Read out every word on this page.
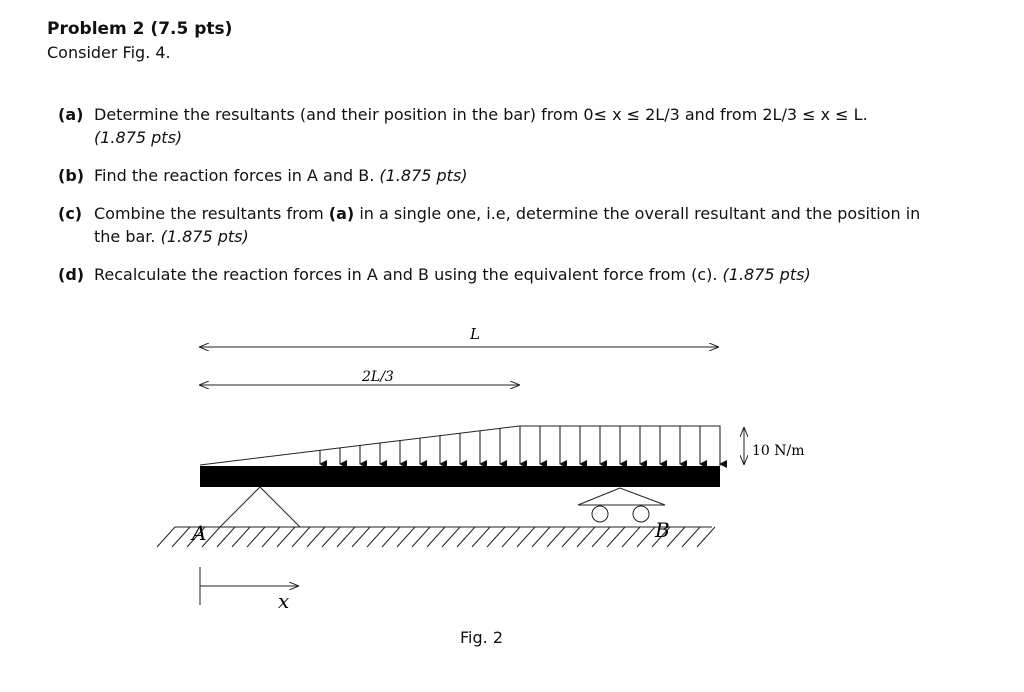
Problem 2 (7.5 pts)
Consider Fig. 4.
(a) Determine the resultants (and their position in the bar) from 0≤ x ≤ 2L/3 and from 2L/3 ≤ x ≤ L.
(1.875 pts)
(b) Find the reaction forces in A and B. (1.875 pts)
(c) Combine the resultants from (a) in a single one, i.e, determine the overall resultant and the position in the bar. (1.875 pts)
(d) Recalculate the reaction forces in A and B using the equivalent force from (c). (1.875 pts)
L
2L/3
10 N/m
A	B
x
Fig. 2
